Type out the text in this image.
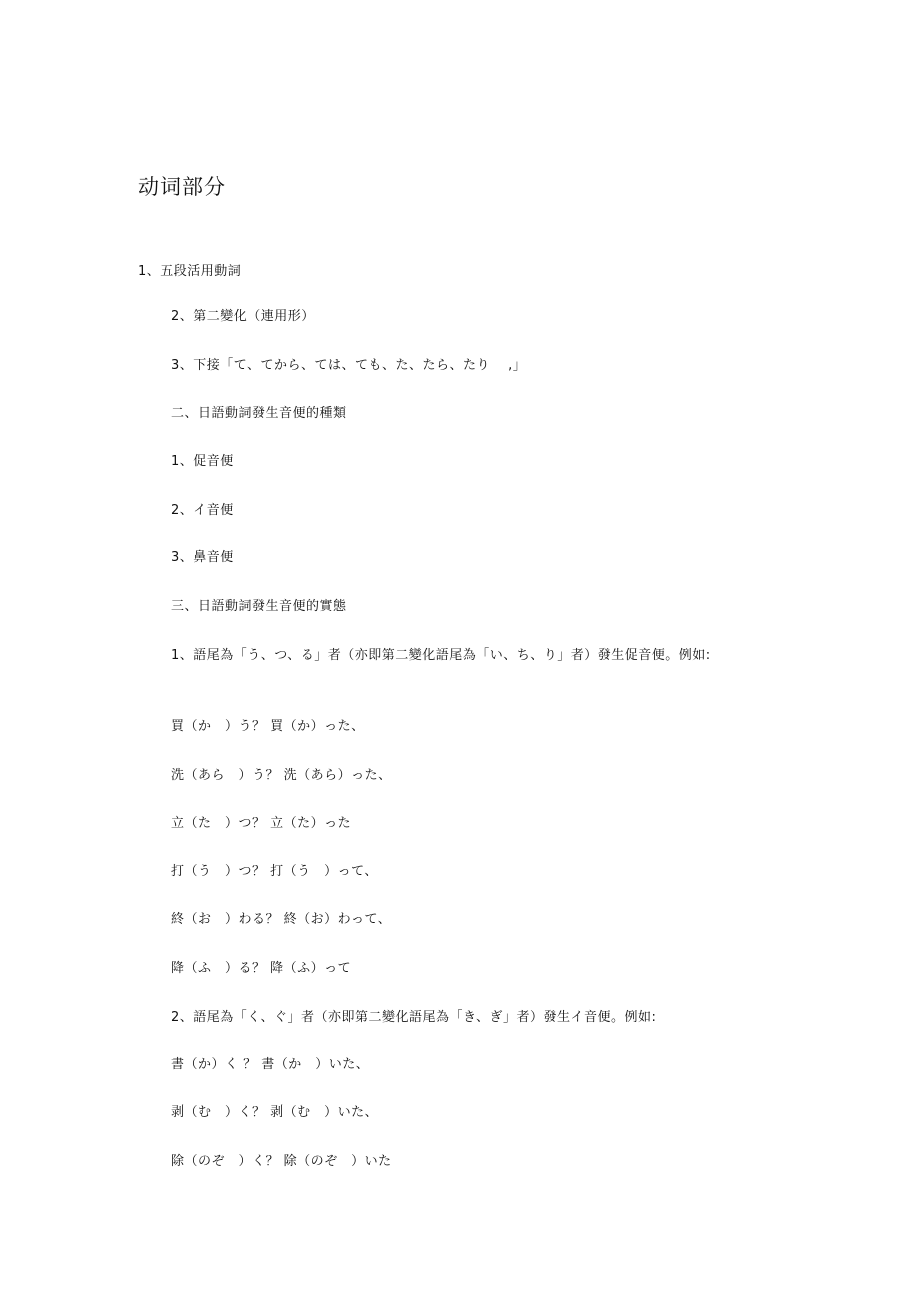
动词部分
1、五段活用動詞
2、第二變化（連用形）
3、下接「て、てから、ては、ても、た、たら、たり　 ,」
二、日語動詞發生音便的種類
1、促音便
2、イ音便
3、鼻音便
三、日語動詞發生音便的實態
1、語尾為「う、つ、る」者（亦即第二變化語尾為「い、ち、り」者）發生促音便。例如:
買（か　）う？ 買（か）った、
洗（あら　）う？ 洗（あら）った、
立（た　）つ？ 立（た）った
打（う　）つ？ 打（う　）って、
終（お　）わる？ 終（お）わって、
降（ふ　）る？ 降（ふ）って
2、語尾為「く、ぐ」者（亦即第二變化語尾為「き、ぎ」者）發生イ音便。例如:
書（か）く ？ 書（か　）いた、
剥（む　）く？ 剥（む　）いた、
除（のぞ　）く？ 除（のぞ　）いた
